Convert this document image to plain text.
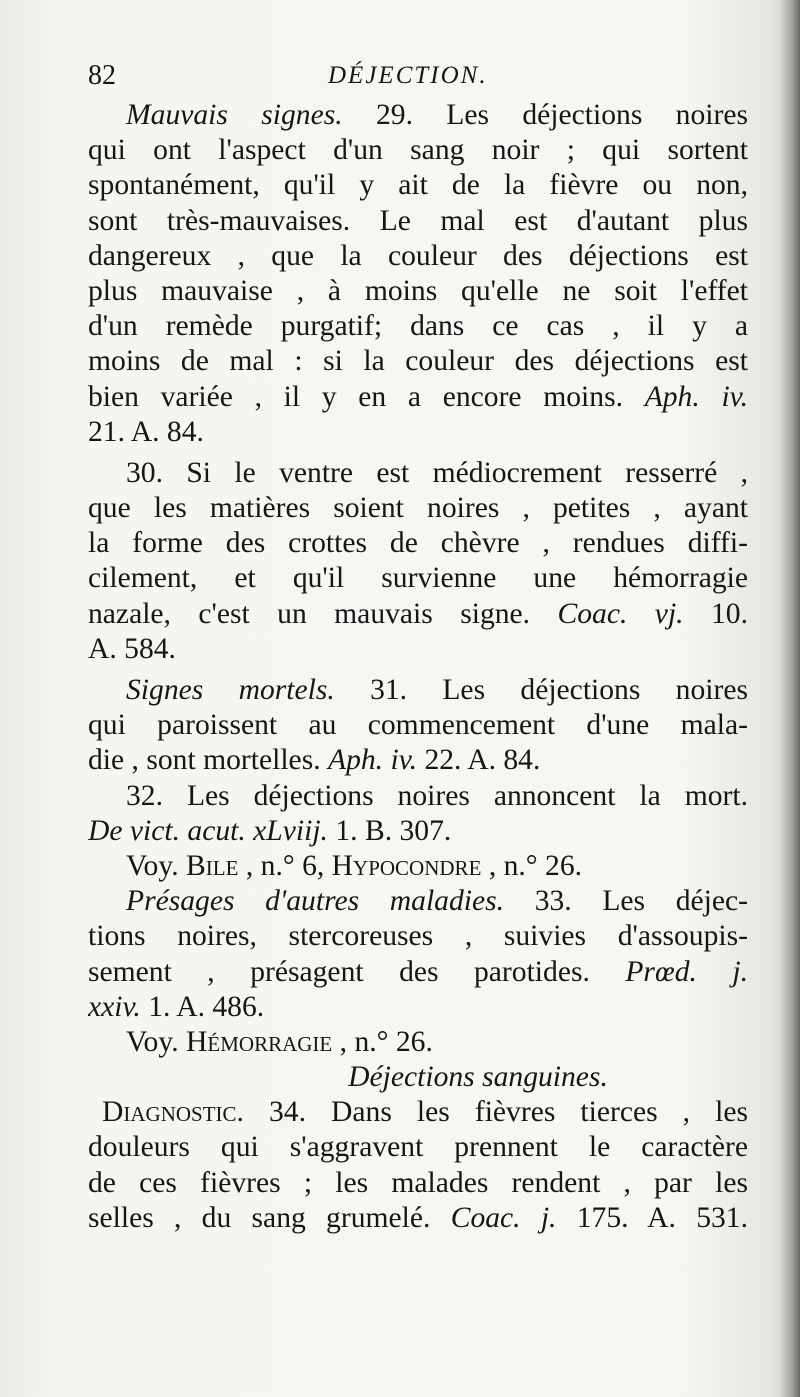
82	DÉJECTION.
Mauvais signes. 29. Les déjections noires
qui ont l'aspect d'un sang noir ; qui sortent
spontanément, qu'il y ait de la fièvre ou non,
sont très-mauvaises. Le mal est d'autant plus
dangereux , que la couleur des déjections est
plus mauvaise , à moins qu'elle ne soit l'effet
d'un remède purgatif; dans ce cas , il y a
moins de mal : si la couleur des déjections est
bien variée , il y en a encore moins. Aph. iv.
21. A. 84.
30. Si le ventre est médiocrement resserré ,
que les matières soient noires , petites , ayant
la forme des crottes de chèvre , rendues diffi-
cilement, et qu'il survienne une hémorragie
nazale, c'est un mauvais signe. Coac. vj. 10.
A. 584.
Signes mortels. 31. Les déjections noires
qui paroissent au commencement d'une mala-
die , sont mortelles. Aph. iv. 22. A. 84.
32. Les déjections noires annoncent la mort.
De vict. acut. xLviij. 1. B. 307.
Voy. Bile , n.° 6, Hypocondre , n.° 26.
Présages d'autres maladies. 33. Les déjec-
tions noires, stercoreuses , suivies d'assoupis-
sement , présagent des parotides. Prœd. j.
xxiv. 1. A. 486.
Voy. Hémorragie , n.° 26.
Déjections sanguines.
Diagnostic. 34. Dans les fièvres tierces , les
douleurs qui s'aggravent prennent le caractère
de ces fièvres ; les malades rendent , par les
selles , du sang grumelé. Coac. j. 175. A. 531.
